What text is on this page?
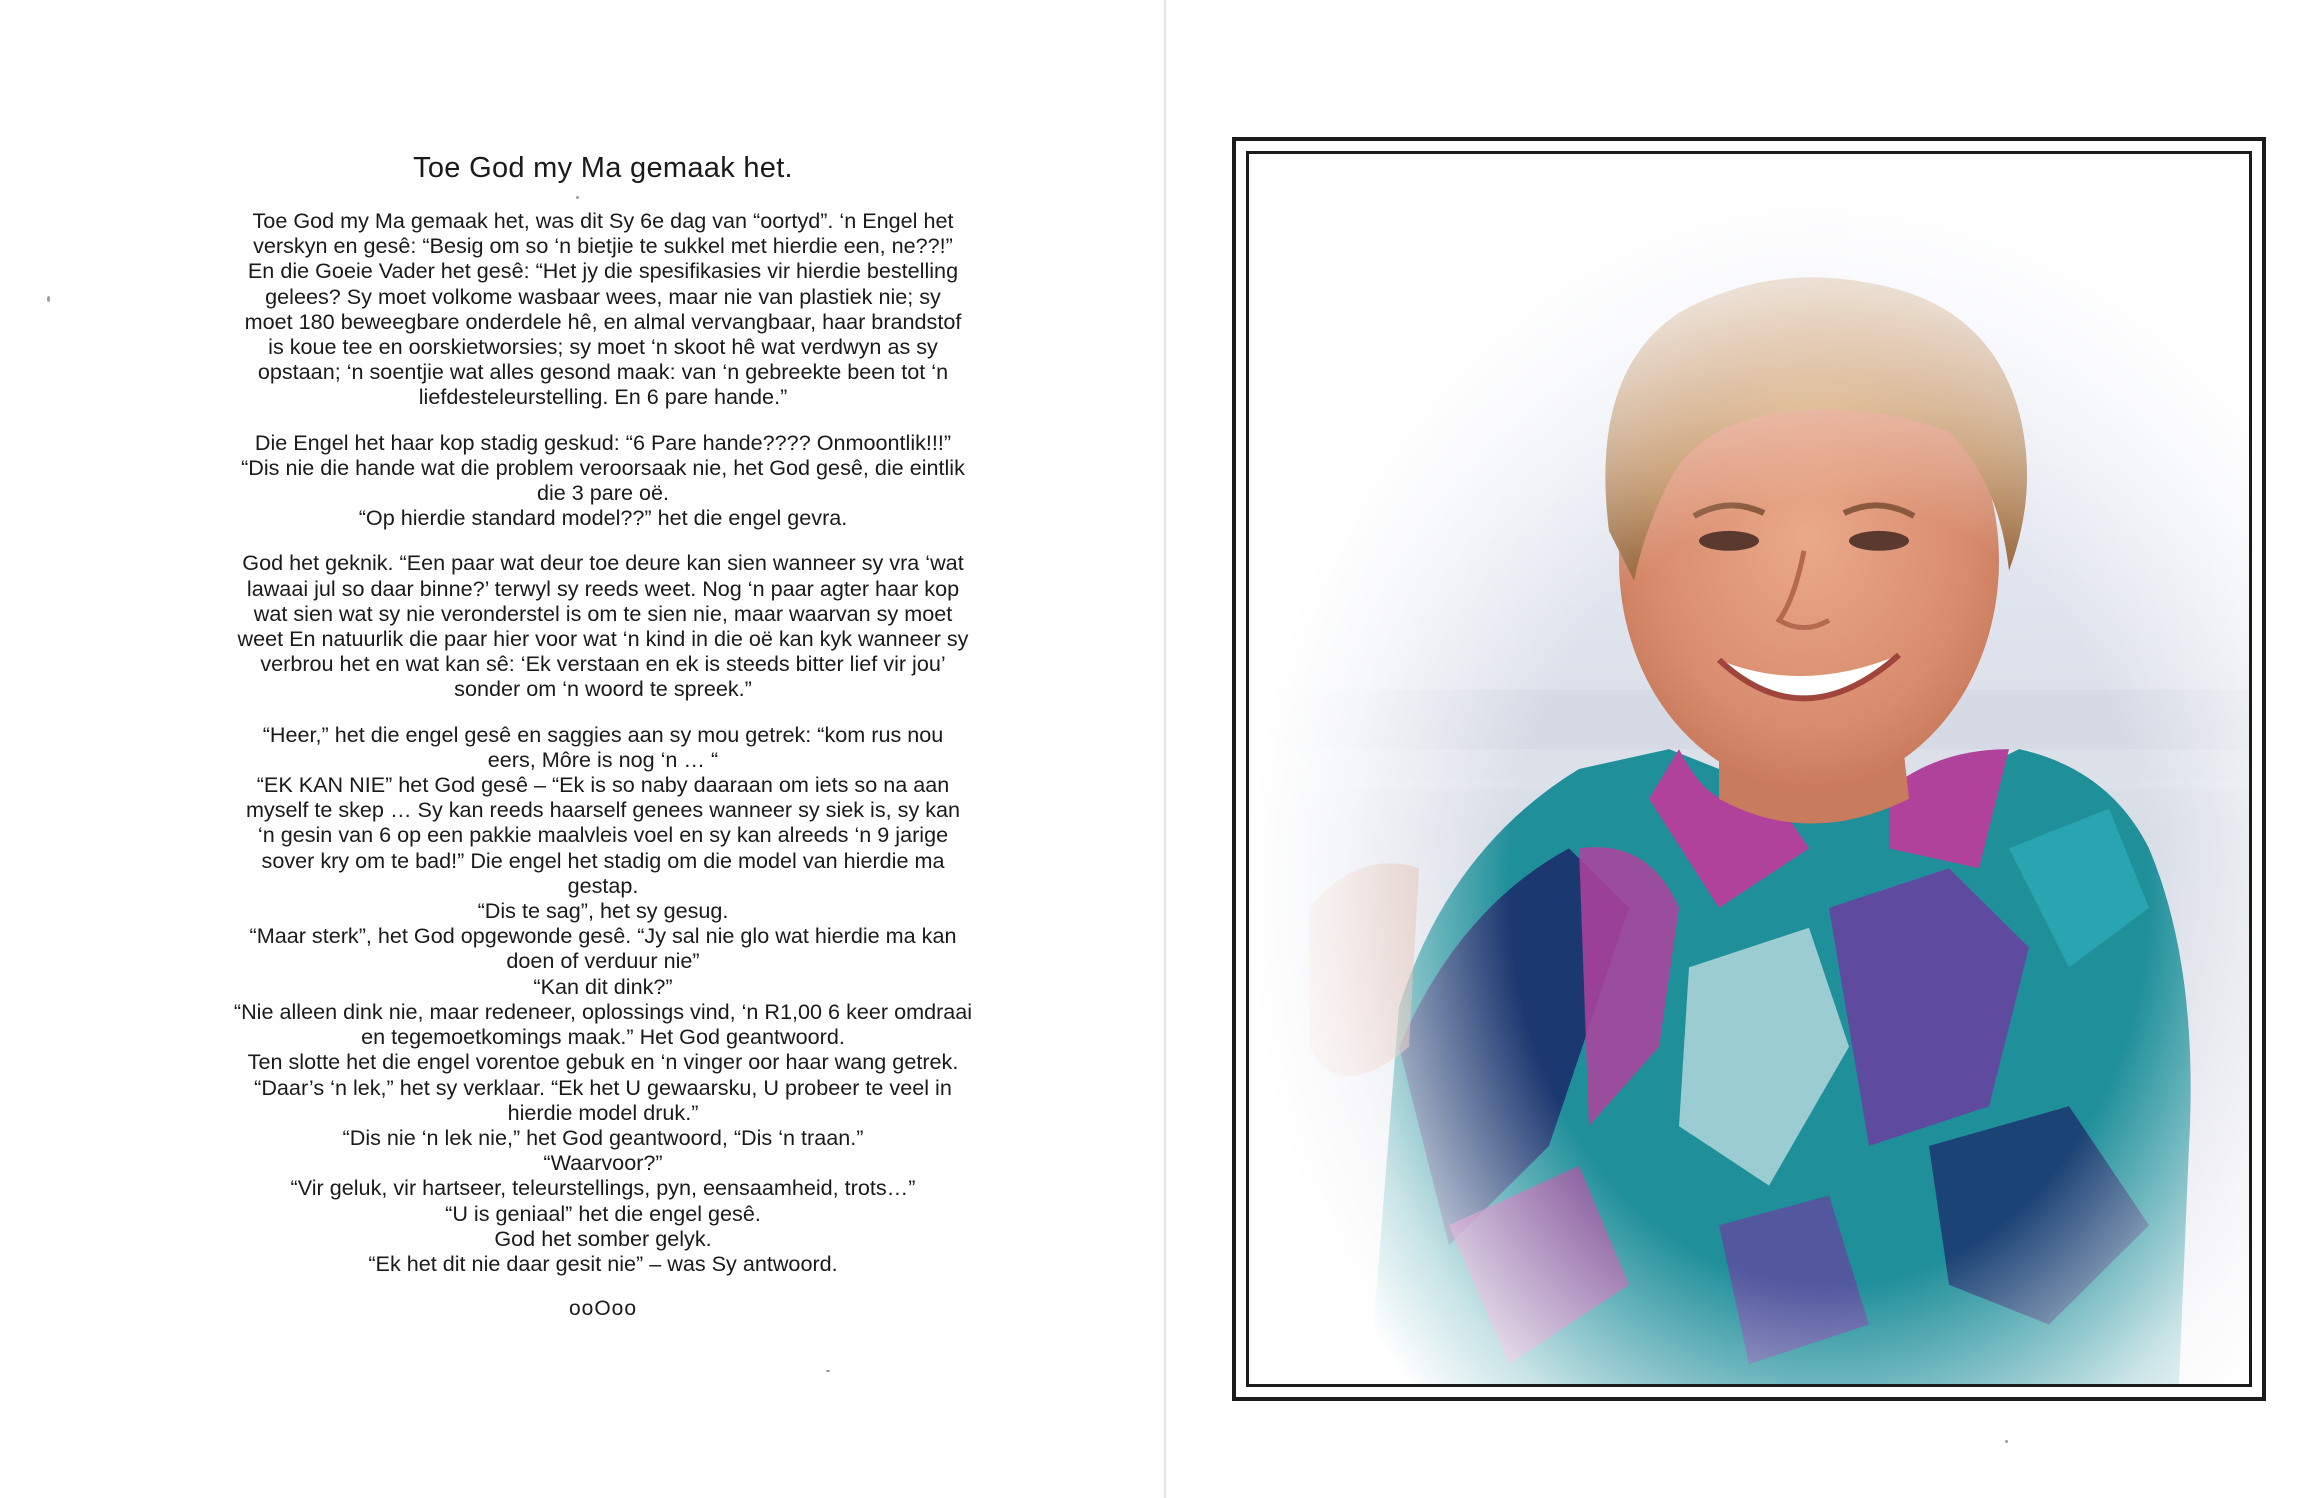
Toe God my Ma gemaak het.
Toe God my Ma gemaak het, was dit Sy 6e dag van “oortyd”. ‘n Engel het
verskyn en gesê: “Besig om so ‘n bietjie te sukkel met hierdie een, ne??!”
En die Goeie Vader het gesê: “Het jy die spesifikasies vir hierdie bestelling
gelees? Sy moet volkome wasbaar wees, maar nie van plastiek nie; sy
moet 180 beweegbare onderdele hê, en almal vervangbaar, haar brandstof
is koue tee en oorskietworsies; sy moet ‘n skoot hê wat verdwyn as sy
opstaan; ‘n soentjie wat alles gesond maak: van ‘n gebreekte been tot ‘n
liefdesteleurstelling. En 6 pare hande.”
Die Engel het haar kop stadig geskud: “6 Pare hande???? Onmoontlik!!!”
“Dis nie die hande wat die problem veroorsaak nie, het God gesê, die eintlik
die 3 pare oë.
“Op hierdie standard model??” het die engel gevra.
God het geknik. “Een paar wat deur toe deure kan sien wanneer sy vra ‘wat
lawaai jul so daar binne?’ terwyl sy reeds weet. Nog ‘n paar agter haar kop
wat sien wat sy nie veronderstel is om te sien nie, maar waarvan sy moet
weet En natuurlik die paar hier voor wat ‘n kind in die oë kan kyk wanneer sy
verbrou het en wat kan sê: ‘Ek verstaan en ek is steeds bitter lief vir jou’
sonder om ‘n woord te spreek.”
“Heer,” het die engel gesê en saggies aan sy mou getrek: “kom rus nou
eers, Môre is nog ‘n … “
“EK KAN NIE” het God gesê – “Ek is so naby daaraan om iets so na aan
myself te skep … Sy kan reeds haarself genees wanneer sy siek is, sy kan
‘n gesin van 6 op een pakkie maalvleis voel en sy kan alreeds ‘n 9 jarige
sover kry om te bad!” Die engel het stadig om die model van hierdie ma
gestap.
“Dis te sag”, het sy gesug.
“Maar sterk”, het God opgewonde gesê. “Jy sal nie glo wat hierdie ma kan
doen of verduur nie”
“Kan dit dink?”
“Nie alleen dink nie, maar redeneer, oplossings vind, ‘n R1,00 6 keer omdraai
en tegemoetkomings maak.” Het God geantwoord.
Ten slotte het die engel vorentoe gebuk en ‘n vinger oor haar wang getrek.
“Daar’s ‘n lek,” het sy verklaar. “Ek het U gewaarsku, U probeer te veel in
hierdie model druk.”
“Dis nie ‘n lek nie,” het God geantwoord, “Dis ‘n traan.”
“Waarvoor?”
“Vir geluk, vir hartseer, teleurstellings, pyn, eensaamheid, trots…”
“U is geniaal” het die engel gesê.
God het somber gelyk.
“Ek het dit nie daar gesit nie” – was Sy antwoord.
ooOoo
